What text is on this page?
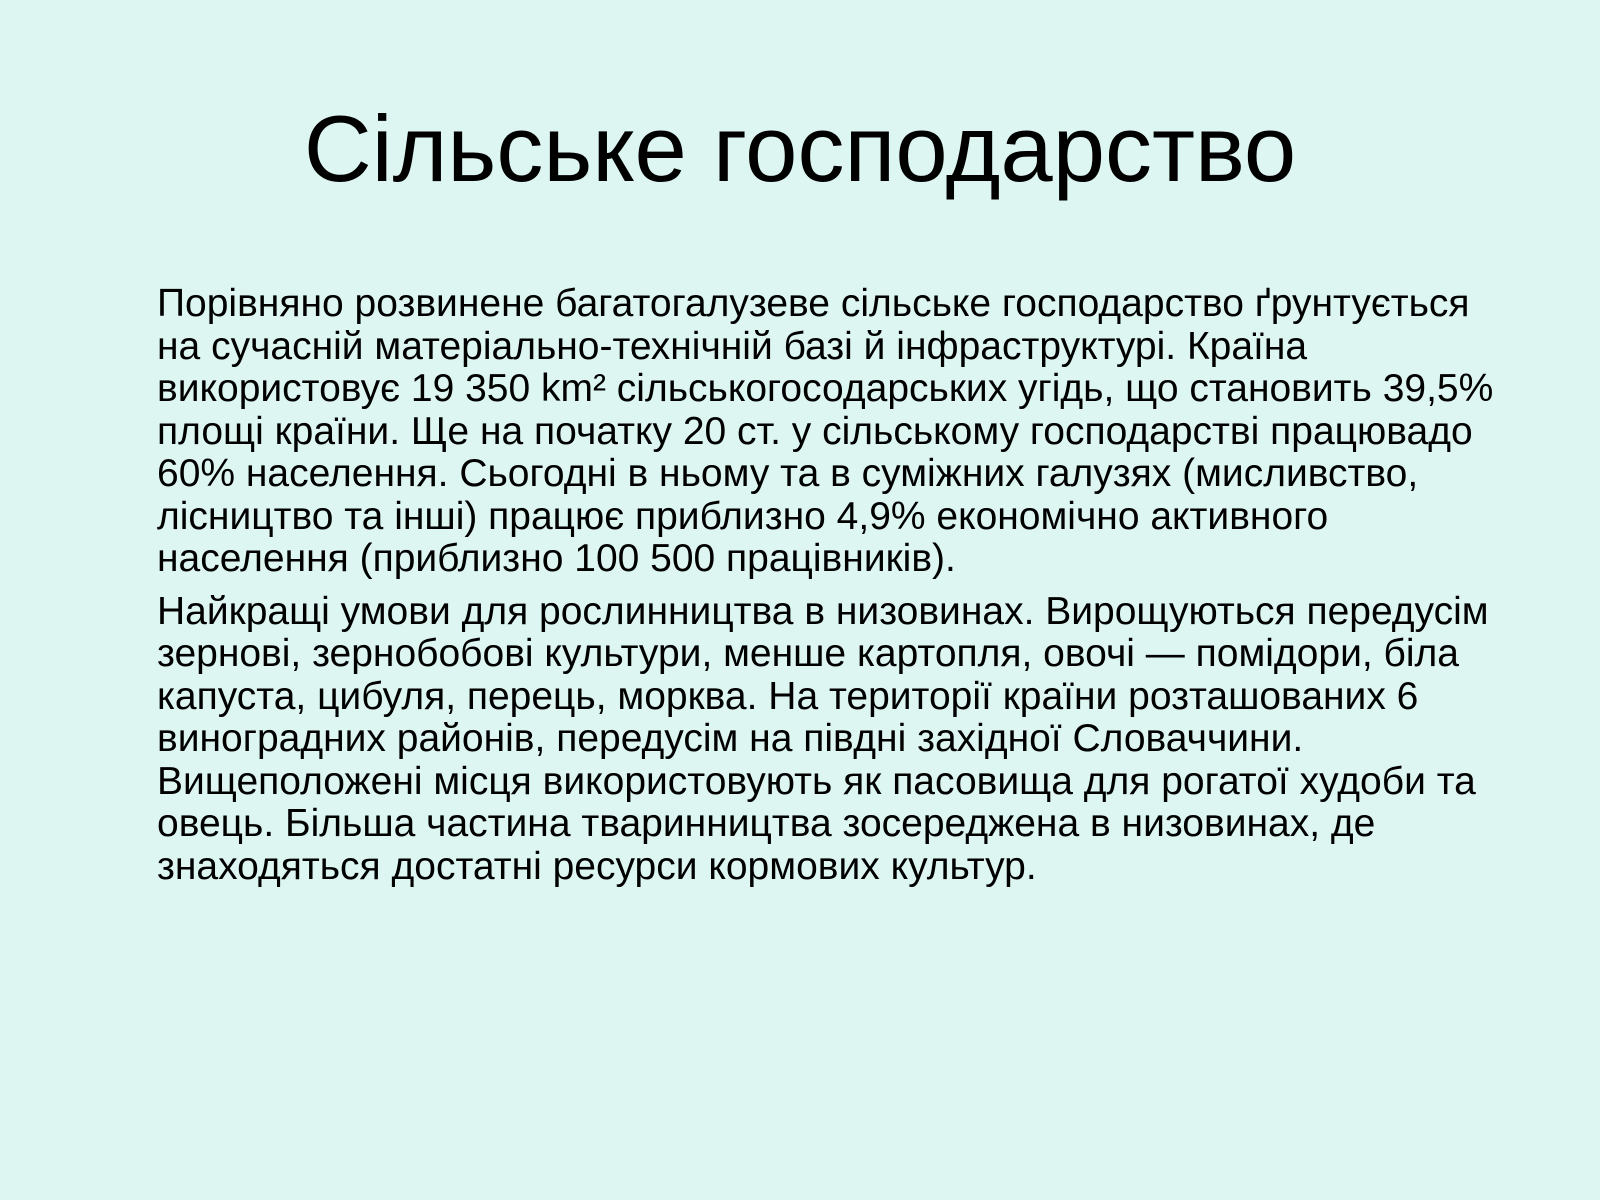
Сільське господарство

Порівняно розвинене багатогалузеве сільське господарство ґрунтується на сучасній матеріально-технічній базі й інфраструктурі. Країна використовує 19 350 km² сільськогосодарських угідь, що становить 39,5% площі країни. Ще на початку 20 ст. у сільському господарстві працювадо 60% населення. Сьогодні в ньому та в суміжних галузях (мисливство, лісництво та інші) працює приблизно 4,9% економічно активного населення (приблизно 100 500 працівників).

Найкращі умови для рослинництва в низовинах. Вирощуються передусім зернові, зернобобові культури, менше картопля, овочі — помідори, біла капуста, цибуля, перець, морква. На території країни розташованих 6 виноградних районів, передусім на півдні західної Словаччини. Вищеположені місця використовують як пасовища для рогатої худоби та овець. Більша частина тваринництва зосереджена в низовинах, де знаходяться достатні ресурси кормових культур.
